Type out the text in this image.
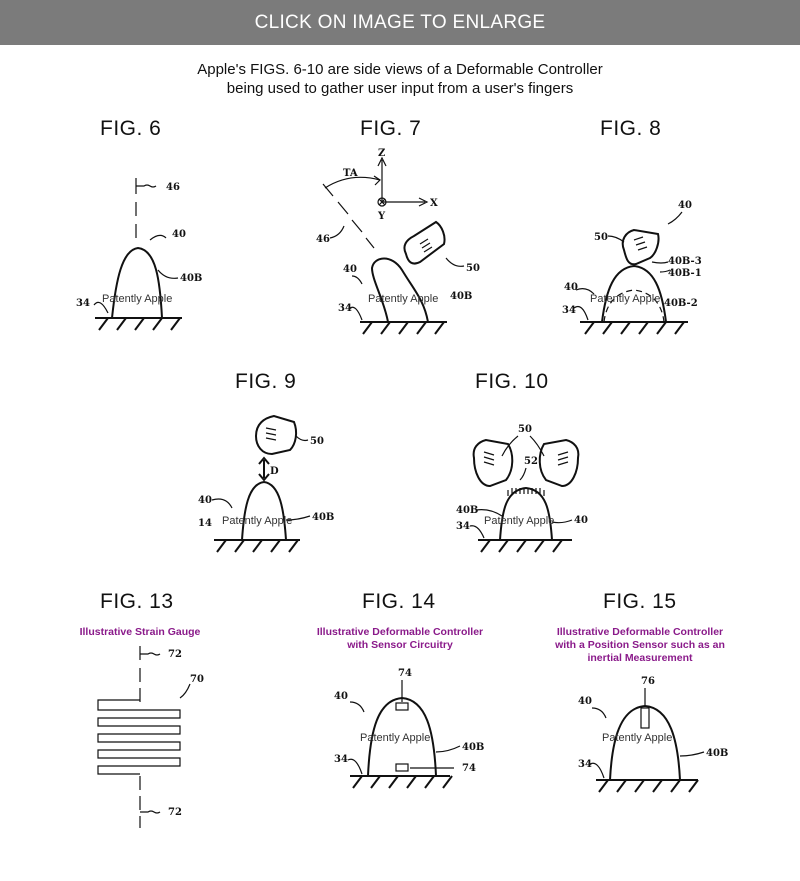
CLICK ON IMAGE TO ENLARGE
Apple's FIGS. 6-10 are side views of a Deformable Controller
being used to gather user input from a user's fingers
FIG. 6	FIG. 7	FIG. 8
FIG. 9	FIG. 10
FIG. 13	FIG. 14	FIG. 15
Illustrative Strain Gauge	Illustrative Deformable Controller
with Sensor Circuitry
Illustrative Deformable Controller
with a Position Sensor such as an
inertial Measurement
46
40
40B
34 Patently Apple
Z
X
Y
TA
46
50
40
34
Patently Apple 40B
40
50
40B-3
40B-1
40
34
Patently Apple 40B-2
50
D
40
14
40B
Patently Apple
50
52
40B
34
40
Patently Apple
72
70
72
74
40
40B
34
74
Patently Apple
76
40
40B
34
Patently Apple
